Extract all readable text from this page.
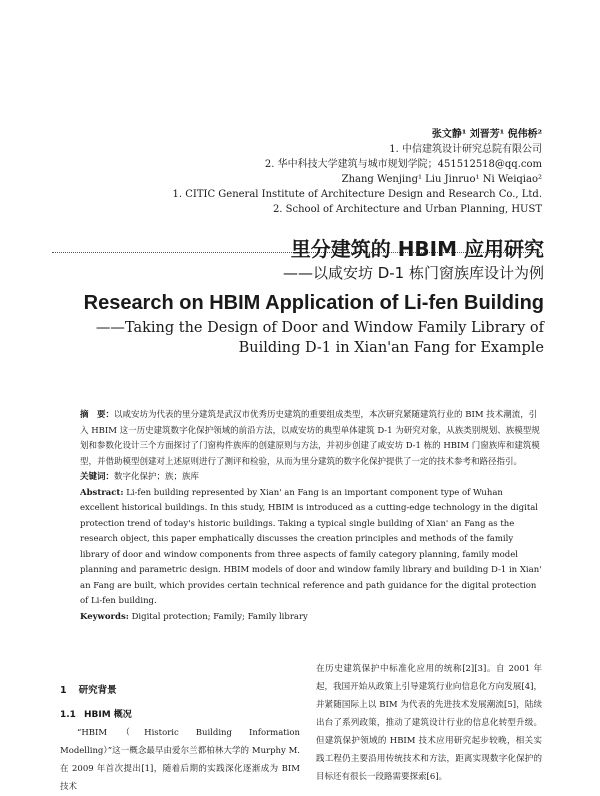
张文静¹ 刘晋芳¹ 倪伟桥²
1. 中信建筑设计研究总院有限公司
2. 华中科技大学建筑与城市规划学院；451512518@qq.com
Zhang Wenjing¹ Liu Jinruo¹ Ni Weiqiao²
1. CITIC General Institute of Architecture Design and Research Co., Ltd.
2. School of Architecture and Urban Planning, HUST
里分建筑的 HBIM 应用研究
——以咸安坊 D-1 栋门窗族库设计为例
Research on HBIM Application of Li-fen Building
——Taking the Design of Door and Window Family Library of
Building D-1 in Xian'an Fang for Example

摘　要：以咸安坊为代表的里分建筑是武汉市优秀历史建筑的重要组成类型，本次研究紧随建筑行业的 BIM 技术潮流，引入 HBIM 这一历史建筑数字化保护领域的前沿方法，以咸安坊的典型单体建筑 D-1 为研究对象，从族类别规划、族模型规划和参数化设计三个方面探讨了门窗构件族库的创建原则与方法，并初步创建了咸安坊 D-1 栋的 HBIM 门窗族库和建筑模型，并借助模型创建对上述原则进行了测评和检验，从而为里分建筑的数字化保护提供了一定的技术参考和路径指引。

关键词：数字化保护；族；族库

Abstract: Li-fen building represented by Xian' an Fang is an important component type of Wuhan excellent historical buildings. In this study, HBIM is introduced as a cutting-edge technology in the digital protection trend of today's historic buildings. Taking a typical single building of Xian' an Fang as the research object, this paper emphatically discusses the creation principles and methods of the family library of door and window components from three aspects of family category planning, family model planning and parametric design. HBIM models of door and window family library and building D-1 in Xian' an Fang are built, which provides certain technical reference and path guidance for the digital protection of Li-fen building.

Keywords: Digital protection; Family; Family library

1 研究背景
1.1 HBIM 概况

“HBIM（Historic Building Information Modelling）”这一概念最早由爱尔兰都柏林大学的 Murphy M. 在 2009 年首次提出[1]，随着后期的实践深化逐渐成为 BIM 技术

在历史建筑保护中标准化应用的统称[2][3]。自 2001 年起，我国开始从政策上引导建筑行业向信息化方向发展[4]，并紧随国际上以 BIM 为代表的先进技术发展潮流[5]，陆续出台了系列政策，推动了建筑设计行业的信息化转型升级。但建筑保护领域的 HBIM 技术应用研究起步较晚，相关实践工程仍主要沿用传统技术和方法，距离实现数字化保护的目标还有很长一段路需要探索[6]。
